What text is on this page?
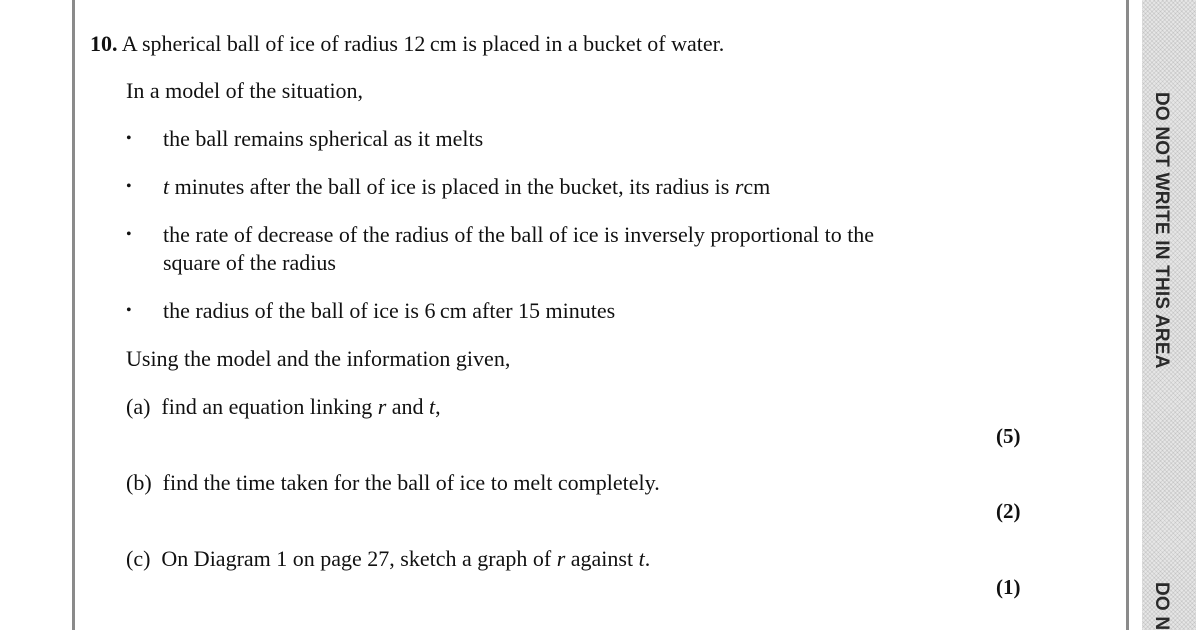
DO NOT WRITE IN THIS AREA
DO N
10. A spherical ball of ice of radius 12 cm is placed in a bucket of water.
In a model of the situation,
• the ball remains spherical as it melts
• t minutes after the ball of ice is placed in the bucket, its radius is rcm
• the rate of decrease of the radius of the ball of ice is inversely proportional to the
square of the radius
• the radius of the ball of ice is 6 cm after 15 minutes
Using the model and the information given,
(a) find an equation linking r and t,
(5)
(b) find the time taken for the ball of ice to melt completely.
(2)
(c) On Diagram 1 on page 27, sketch a graph of r against t.
(1)
